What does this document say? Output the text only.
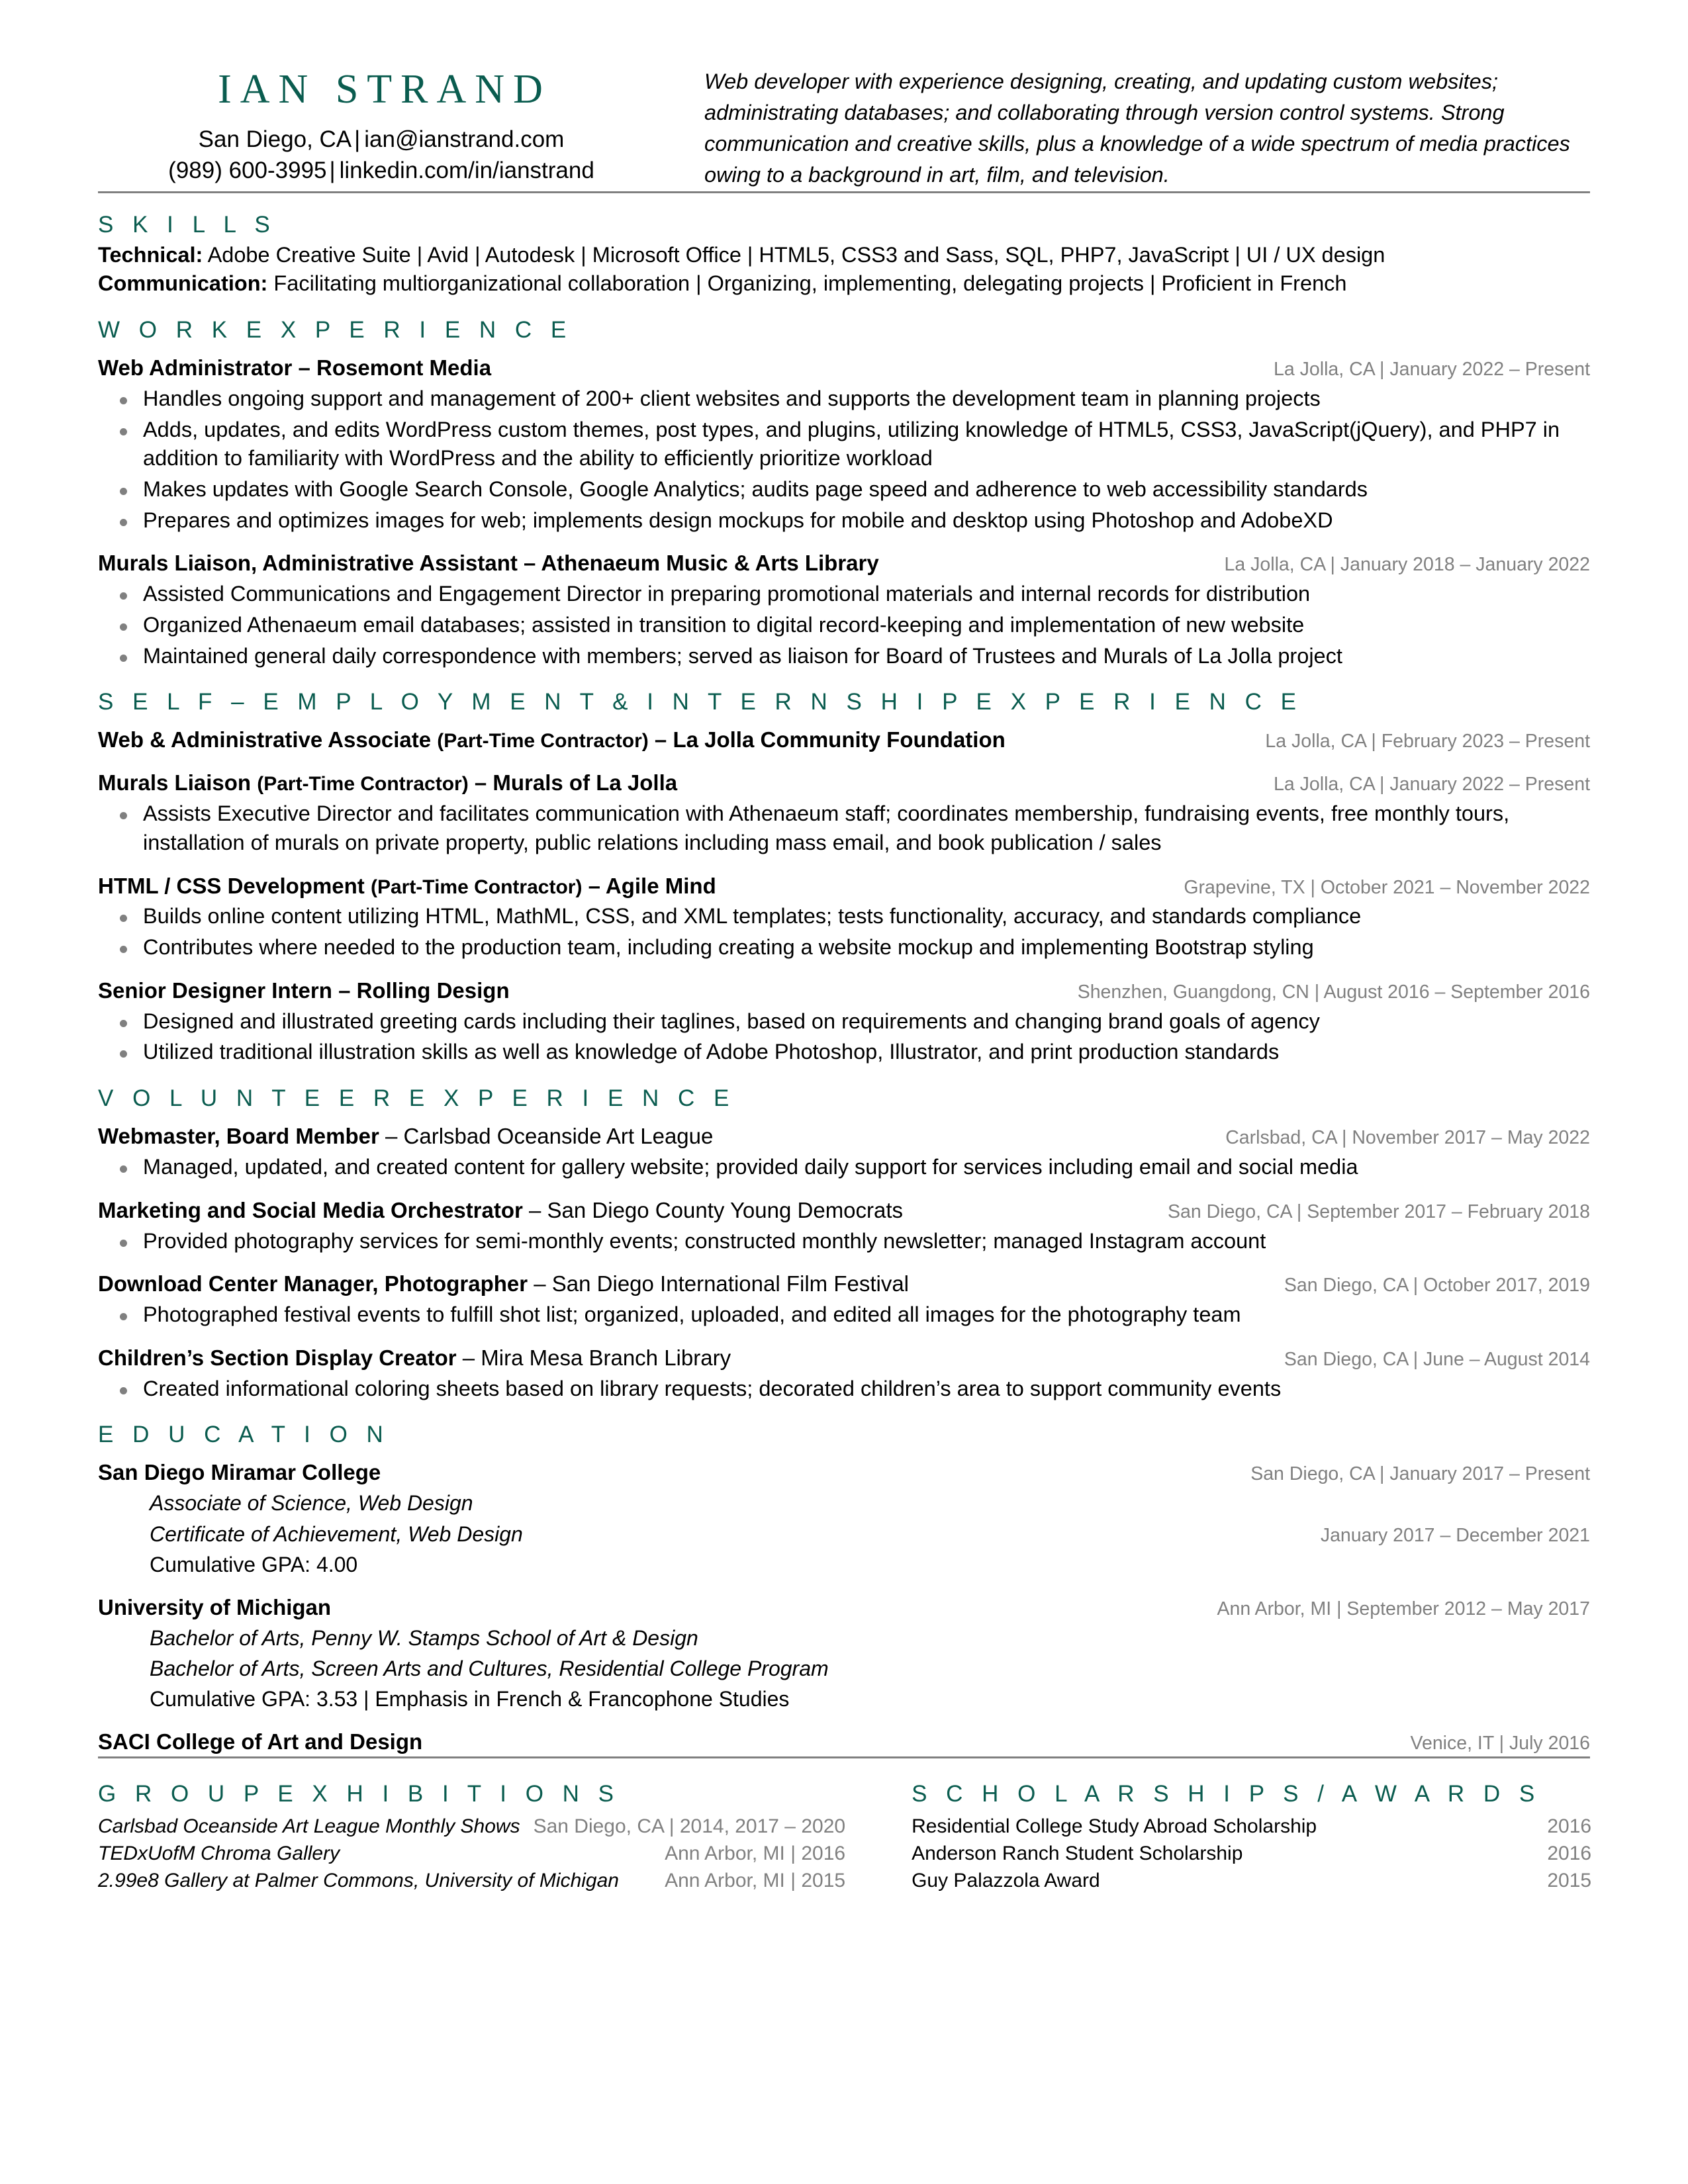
IAN STRAND
San Diego, CA | ian@ianstrand.com
(989) 600-3995 | linkedin.com/in/ianstrand
Web developer with experience designing, creating, and updating custom websites; administrating databases; and collaborating through version control systems. Strong communication and creative skills, plus a knowledge of a wide spectrum of media practices owing to a background in art, film, and television.
S K I L L S
Technical: Adobe Creative Suite | Avid | Autodesk | Microsoft Office | HTML5, CSS3 and Sass, SQL, PHP7, JavaScript | UI / UX design
Communication: Facilitating multiorganizational collaboration | Organizing, implementing, delegating projects | Proficient in French
W O R K E X P E R I E N C E
Web Administrator – Rosemont Media	La Jolla, CA | January 2022 – Present
Handles ongoing support and management of 200+ client websites and supports the development team in planning projects
Adds, updates, and edits WordPress custom themes, post types, and plugins, utilizing knowledge of HTML5, CSS3, JavaScript(jQuery), and PHP7 in addition to familiarity with WordPress and the ability to efficiently prioritize workload
Makes updates with Google Search Console, Google Analytics; audits page speed and adherence to web accessibility standards
Prepares and optimizes images for web; implements design mockups for mobile and desktop using Photoshop and AdobeXD
Murals Liaison, Administrative Assistant – Athenaeum Music & Arts Library	La Jolla, CA | January 2018 – January 2022
Assisted Communications and Engagement Director in preparing promotional materials and internal records for distribution
Organized Athenaeum email databases; assisted in transition to digital record-keeping and implementation of new website
Maintained general daily correspondence with members; served as liaison for Board of Trustees and Murals of La Jolla project
S E L F – E M P L O Y M E N T & I N T E R N S H I P E X P E R I E N C E
Web & Administrative Associate (Part-Time Contractor) – La Jolla Community Foundation	La Jolla, CA | February 2023 – Present
Murals Liaison (Part-Time Contractor) – Murals of La Jolla	La Jolla, CA | January 2022 – Present
Assists Executive Director and facilitates communication with Athenaeum staff; coordinates membership, fundraising events, free monthly tours, installation of murals on private property, public relations including mass email, and book publication / sales
HTML / CSS Development (Part-Time Contractor) – Agile Mind	Grapevine, TX | October 2021 – November 2022
Builds online content utilizing HTML, MathML, CSS, and XML templates; tests functionality, accuracy, and standards compliance
Contributes where needed to the production team, including creating a website mockup and implementing Bootstrap styling
Senior Designer Intern – Rolling Design	Shenzhen, Guangdong, CN | August 2016 – September 2016
Designed and illustrated greeting cards including their taglines, based on requirements and changing brand goals of agency
Utilized traditional illustration skills as well as knowledge of Adobe Photoshop, Illustrator, and print production standards
V O L U N T E E R E X P E R I E N C E
Webmaster, Board Member – Carlsbad Oceanside Art League	Carlsbad, CA | November 2017 – May 2022
Managed, updated, and created content for gallery website; provided daily support for services including email and social media
Marketing and Social Media Orchestrator – San Diego County Young Democrats	San Diego, CA | September 2017 – February 2018
Provided photography services for semi-monthly events; constructed monthly newsletter; managed Instagram account
Download Center Manager, Photographer – San Diego International Film Festival	San Diego, CA | October 2017, 2019
Photographed festival events to fulfill shot list; organized, uploaded, and edited all images for the photography team
Children’s Section Display Creator – Mira Mesa Branch Library	San Diego, CA | June – August 2014
Created informational coloring sheets based on library requests; decorated children’s area to support community events
E D U C A T I O N
San Diego Miramar College	San Diego, CA | January 2017 – Present
Associate of Science, Web Design
Certificate of Achievement, Web Design	January 2017 – December 2021
Cumulative GPA: 4.00
University of Michigan	Ann Arbor, MI | September 2012 – May 2017
Bachelor of Arts, Penny W. Stamps School of Art & Design
Bachelor of Arts, Screen Arts and Cultures, Residential College Program
Cumulative GPA: 3.53 | Emphasis in French & Francophone Studies
SACI College of Art and Design	Venice, IT | July 2016
G R O U P E X H I B I T I O N S
Carlsbad Oceanside Art League Monthly Shows San Diego, CA | 2014, 2017 – 2020
TEDxUofM Chroma Gallery	Ann Arbor, MI | 2016
2.99e8 Gallery at Palmer Commons, University of Michigan Ann Arbor, MI | 2015
S C H O L A R S H I P S / A W A R D S
Residential College Study Abroad Scholarship	2016
Anderson Ranch Student Scholarship	2016
Guy Palazzola Award	2015
